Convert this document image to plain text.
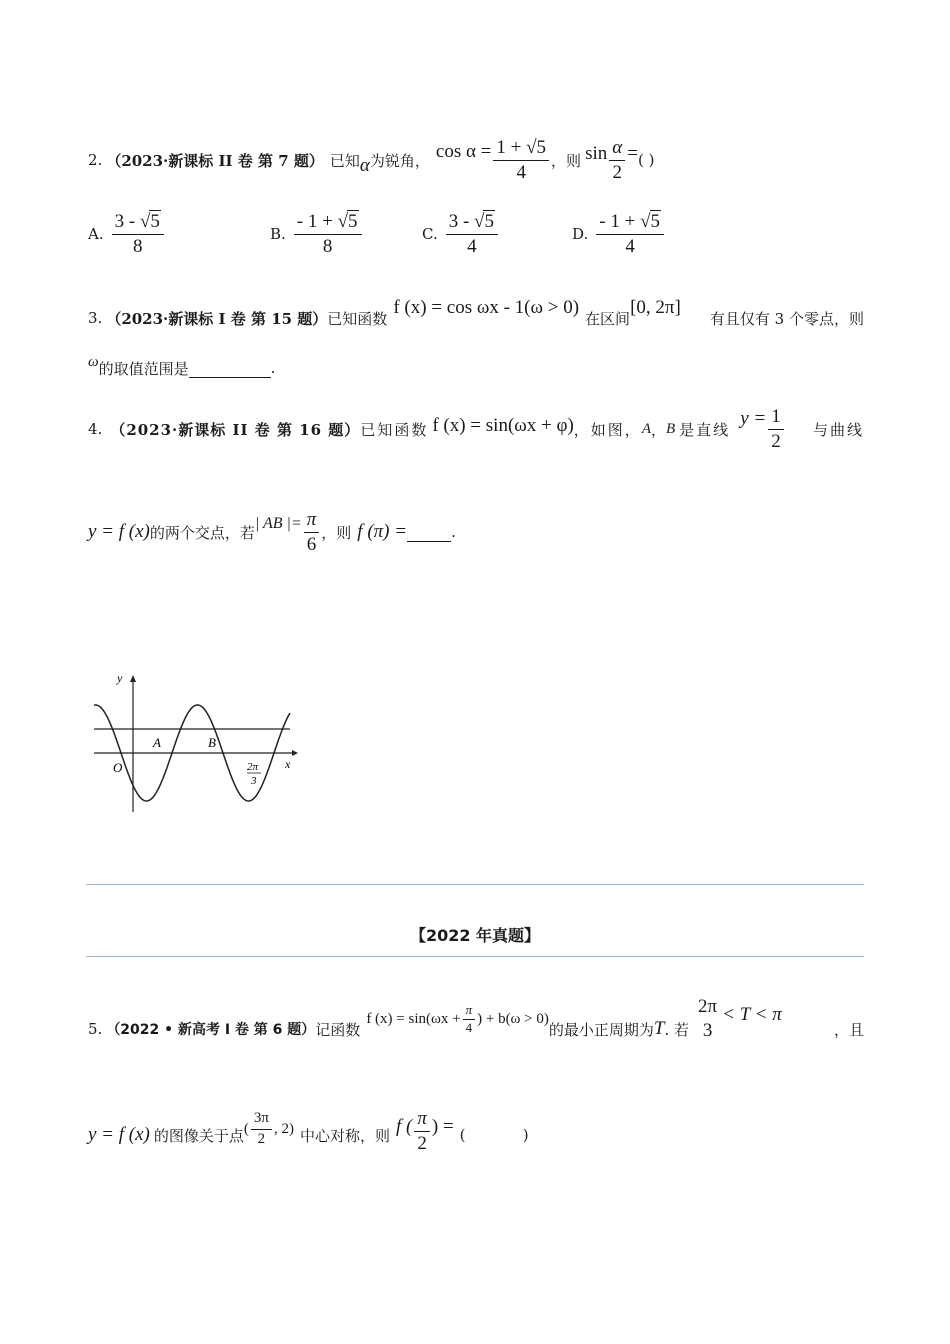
2. （2023·新课标 II 卷 第 7 题） 已知 α 为锐角， $\cos \alpha = \frac{1 + √5}{4}$ ，则 $\sin \frac{\alpha}{2}$ = ( )
A. $\frac{3 - √5}{8}$	B. $\frac{- 1 + √5}{8}$	C. $\frac{3 - √5}{4}$	D. $\frac{- 1 + √5}{4}$
3. （2023·新课标 I 卷 第 15 题） 已知函数
f (x) = cos ωx - 1(ω > 0)
在区间
[0, 2π]
有且仅有 3 个零点，则
ω 的取值范围是	.
4. （2023·新课标 II 卷 第 16 题） 已知函数 f (x) = sin(ωx + φ) ，如图， A ， B 是直线
$y = \frac{1}{2}$ 与曲线
y = f (x) 的两个交点，若 | AB |= $\frac{\pi}{6}$ ，则 f (π) =	.
y
x
O
A	B
2π
3
【2022 年真题】
5. （2022 • 新高考 I 卷 第 6 题） 记函数
f $(x) = \sin(\omega x + \frac{\pi}{4}$ ) + b(ω > 0)
的最小正周期为 T . 若
2π
3
< T < π
，且
y = f (x) 的图像关于点 ( $\frac{3\pi}{2}$ , 2) 中心对称，则 f ( $\frac{\pi}{2}$ ) = (            )
